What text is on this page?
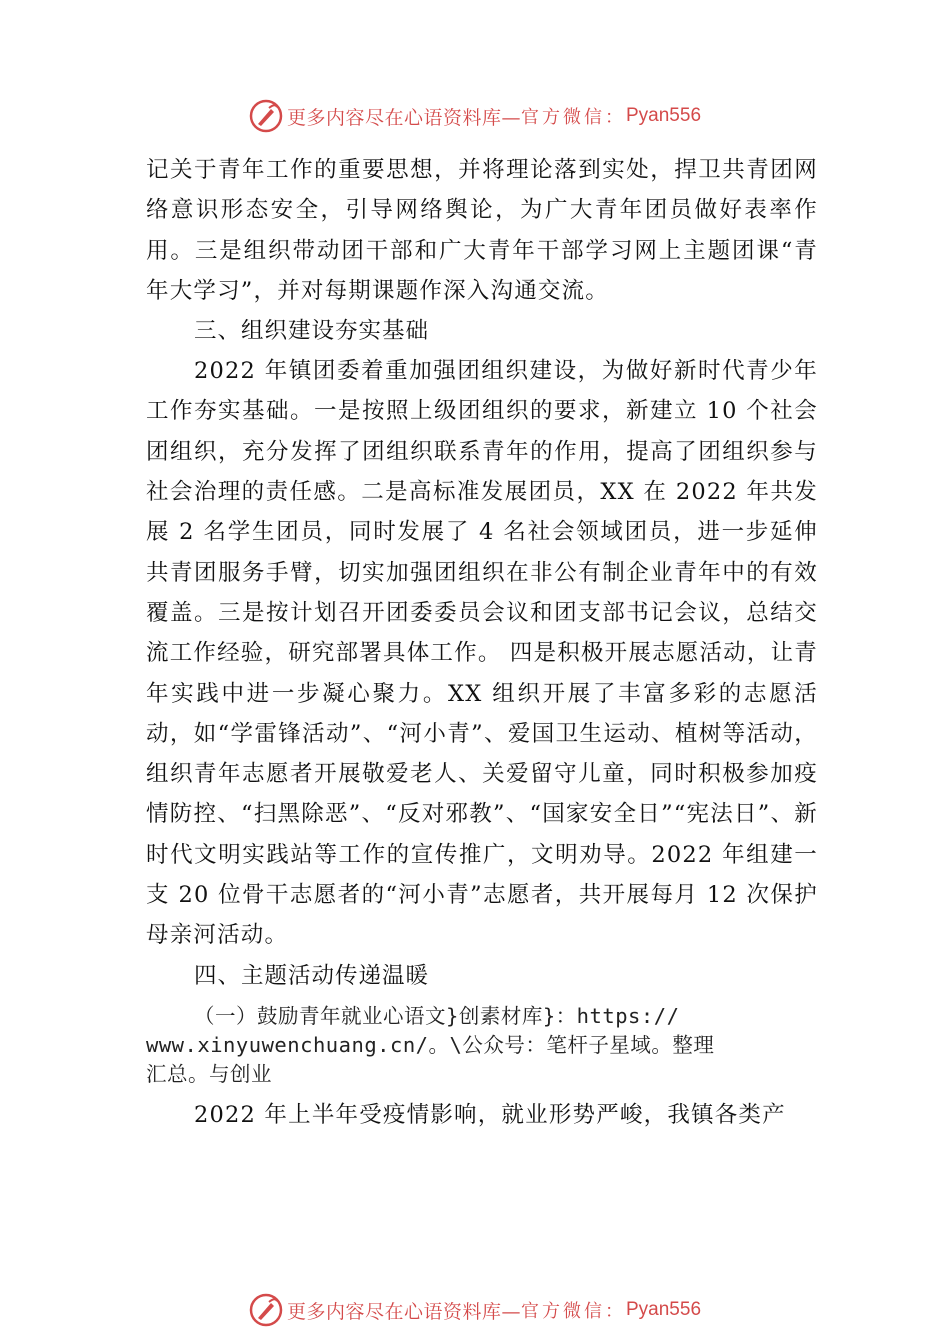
更多内容尽在心语资料库— 官方微信： Pyan556

记关于青年工作的重要思想，并将理论落到实处，捍卫共青团网络意识形态安全，引导网络舆论，为广大青年团员做好表率作用。三是组织带动团干部和广大青年干部学习网上主题团课“青年大学习”，并对每期课题作深入沟通交流。

三、组织建设夯实基础

2022 年镇团委着重加强团组织建设，为做好新时代青少年工作夯实基础。一是按照上级团组织的要求，新建立 10 个社会团组织，充分发挥了团组织联系青年的作用，提高了团组织参与社会治理的责任感。二是高标准发展团员，XX 在 2022 年共发展 2 名学生团员，同时发展了 4 名社会领域团员，进一步延伸共青团服务手臂，切实加强团组织在非公有制企业青年中的有效覆盖。三是按计划召开团委委员会议和团支部书记会议，总结交流工作经验，研究部署具体工作。 四是积极开展志愿活动，让青年实践中进一步凝心聚力。XX 组织开展了丰富多彩的志愿活动，如“学雷锋活动”、“河小青”、爱国卫生运动、植树等活动，组织青年志愿者开展敬爱老人、关爱留守儿童，同时积极参加疫情防控、“扫黑除恶”、“反对邪教”、“国家安全日”“宪法日”、新时代文明实践站等工作的宣传推广，文明劝导。2022 年组建一支 20 位骨干志愿者的“河小青”志愿者，共开展每月 12 次保护母亲河活动。

四、主题活动传递温暖
（一）鼓励青年就业心语文}创素材库}：https://
www.xinyuwenchuang.cn/。\公众号：笔杆子星域。整理
汇总。与创业

2022 年上半年受疫情影响，就业形势严峻，我镇各类产

更多内容尽在心语资料库— 官方微信： Pyan556
